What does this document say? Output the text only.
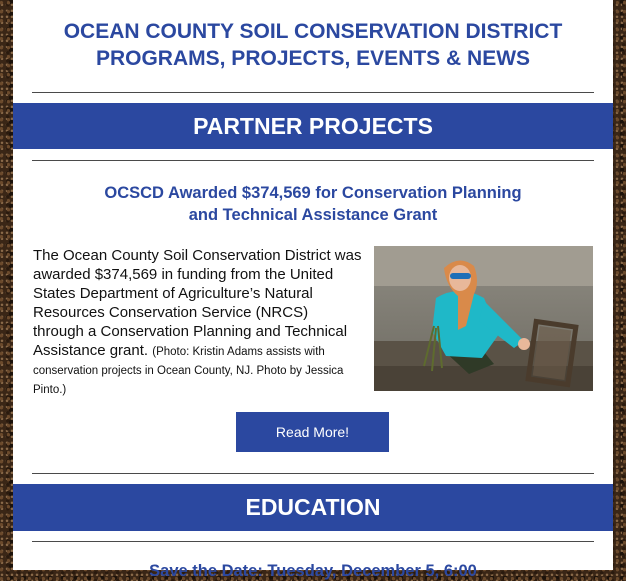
OCEAN COUNTY SOIL CONSERVATION DISTRICT
PROGRAMS, PROJECTS, EVENTS & NEWS
PARTNER PROJECTS
OCSCD Awarded $374,569 for Conservation Planning
and Technical Assistance Grant
The Ocean County Soil Conservation District was awarded $374,569 in funding from the United States Department of Agriculture’s Natural Resources Conservation Service (NRCS) through a Conservation Planning and Technical Assistance grant. (Photo: Kristin Adams assists with conservation projects in Ocean County, NJ. Photo by Jessica Pinto.)
Read More!
EDUCATION
Save the Date: Tuesday, December 5, 6:00
